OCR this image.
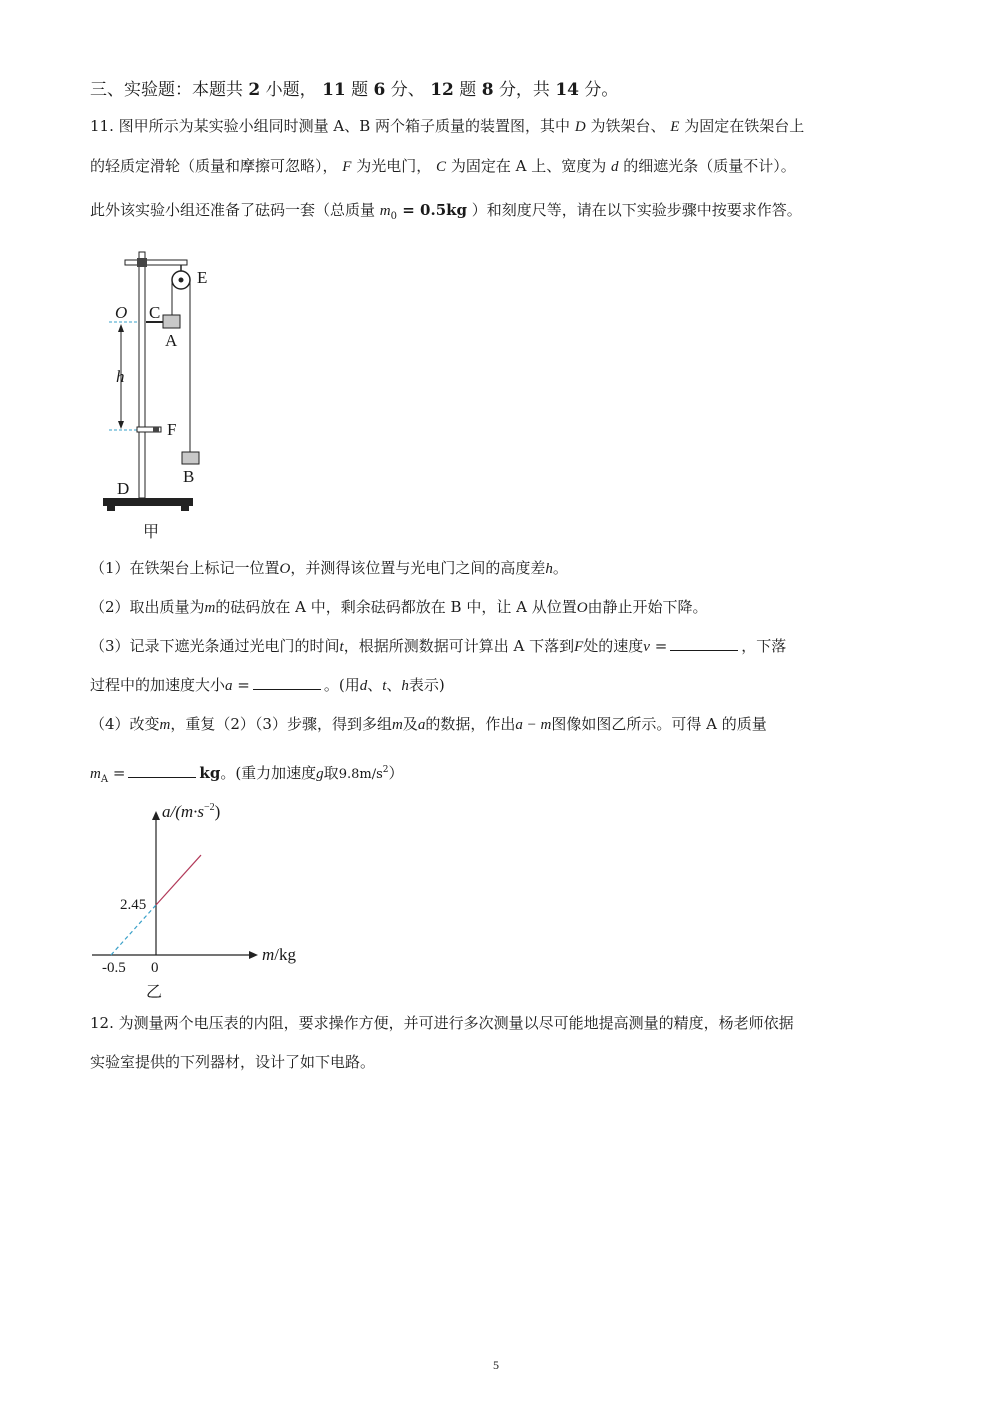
三、实验题：本题共 2 小题， 11 题 6 分、 12 题 8 分，共 14 分。
11. 图甲所示为某实验小组同时测量 A、B 两个箱子质量的装置图，其中 D 为铁架台、 E 为固定在铁架台上
的轻质定滑轮（质量和摩擦可忽略）， F 为光电门， C 为固定在 A 上、宽度为 d 的细遮光条（质量不计）。
此外该实验小组还准备了砝码一套（总质量 $m_0 = 0.5kg$ ）和刻度尺等，请在以下实验步骤中按要求作答。
E
O C
A
h
F
B
D
甲
（1）在铁架台上标记一位置O，并测得该位置与光电门之间的高度差h。
（2）取出质量为m的砝码放在 A 中，剩余砝码都放在 B 中，让 A 从位置O由静止开始下降。
（3）记录下遮光条通过光电门的时间t，根据所测数据可计算出 A 下落到F处的速度v =	，下落
过程中的加速度大小a =	。(用d、t、h表示)
（4）改变m，重复（2）（3）步骤，得到多组m及a的数据，作出a − m图像如图乙所示。可得 A 的质量
$m_A$ =	kg。(重力加速度g取$9.8m/s^2$）
$a/(m\cdot s^{-2})$
m/kg
2.45
-0.5 0
乙
12. 为测量两个电压表的内阻，要求操作方便，并可进行多次测量以尽可能地提高测量的精度，杨老师依据
实验室提供的下列器材，设计了如下电路。
5
